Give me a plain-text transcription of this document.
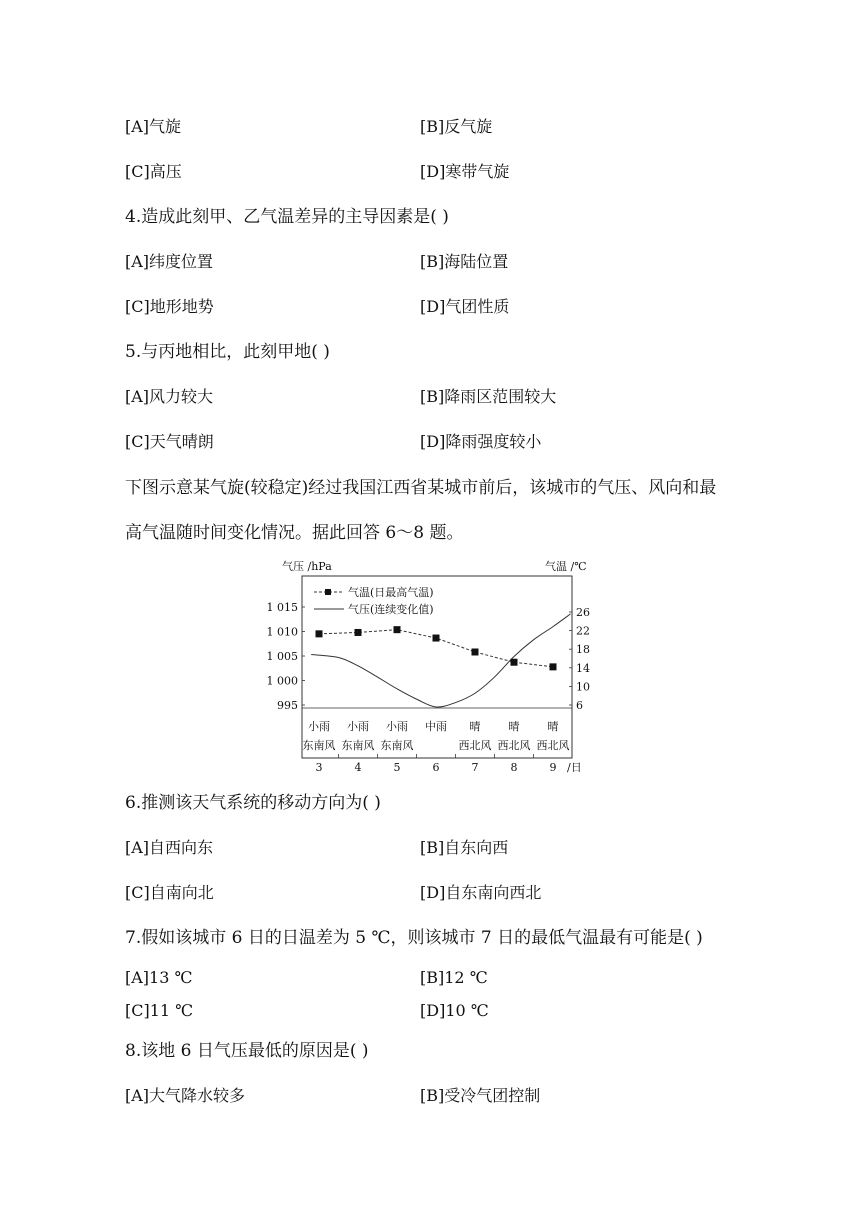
[A]气旋	[B]反气旋
[C]高压	[D]寒带气旋
4.造成此刻甲、乙气温差异的主导因素是( )
[A]纬度位置	[B]海陆位置
[C]地形地势	[D]气团性质
5.与丙地相比，此刻甲地( )
[A]风力较大	[B]降雨区范围较大
[C]天气晴朗	[D]降雨强度较小
下图示意某气旋(较稳定)经过我国江西省某城市前后，该城市的气压、风向和最
高气温随时间变化情况。据此回答 6～8 题。
气压 /hPa	气温 /℃
1 015
1 010
1 005
1 000
995
26
22
18
14
10
6
气温(日最高气温)
气压(连续变化值)
小雨
东南风
3
小雨
东南风
4
小雨
东南风
5
中雨
6
晴
西北风
7
晴
西北风
8
晴
西北风
9 /日
6.推测该天气系统的移动方向为( )
[A]自西向东	[B]自东向西
[C]自南向北	[D]自东南向西北
7.假如该城市 6 日的日温差为 5 ℃，则该城市 7 日的最低气温最有可能是( )
[A]13 ℃	[B]12 ℃
[C]11 ℃	[D]10 ℃
8.该地 6 日气压最低的原因是( )
[A]大气降水较多	[B]受冷气团控制
